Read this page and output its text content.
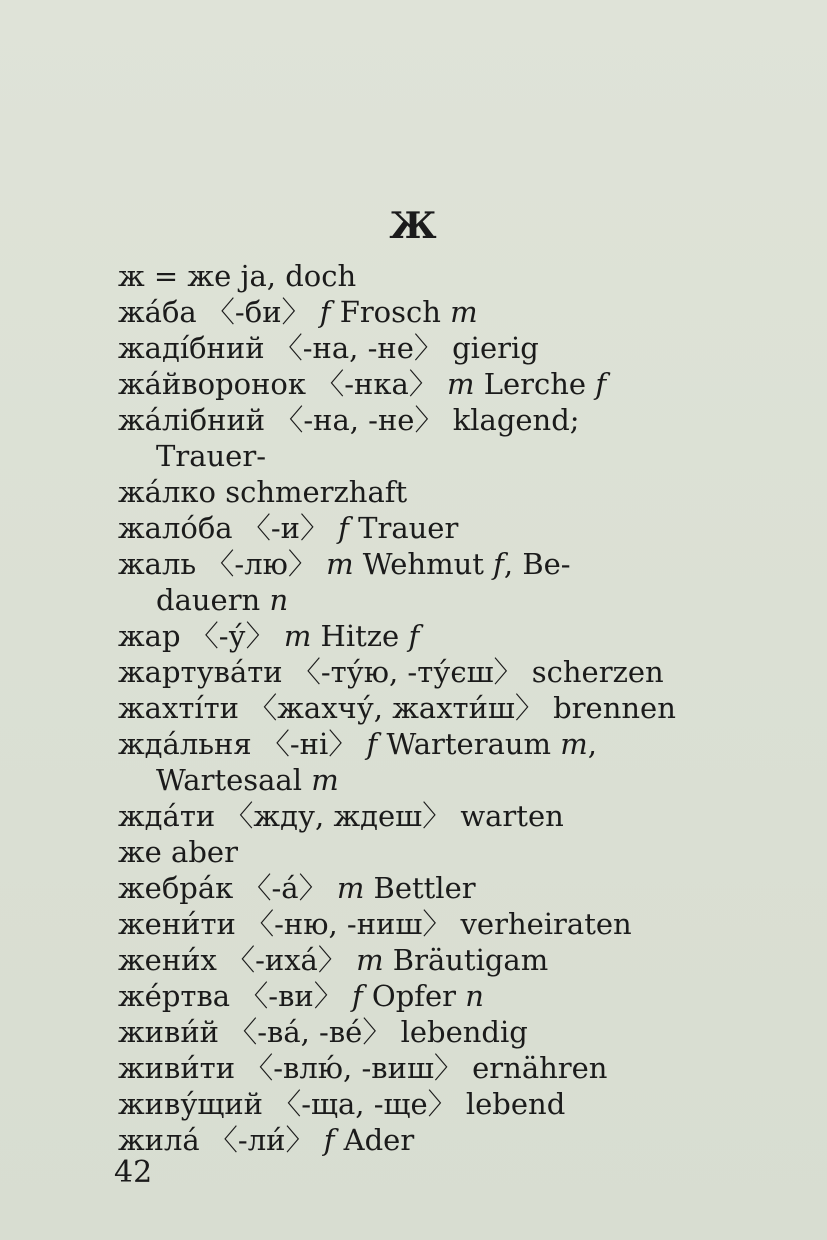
Ж
ж = же ja, doch
жа́ба 〈-би〉 f Frosch m
жадíбний 〈-на, -не〉 gierig
жа́йворонок 〈-нка〉 m Lerche f
жа́лібний 〈-на, -не〉 klagend;
Trauer-
жа́лко schmerzhaft
жало́ба 〈-и〉 f Trauer
жаль 〈-лю〉 m Wehmut f, Be-
dauern n
жар 〈-у́〉 m Hitze f
жартува́ти 〈-ту́ю, -ту́єш〉 scherzen
жахтíти 〈жахчу́, жахти́ш〉 brennen
жда́льня 〈-нi〉 f Warteraum m,
Wartesaal m
жда́ти 〈жду, ждеш〉 warten
же aber
жебра́к 〈-а́〉 m Bettler
жени́ти 〈-ню, -ниш〉 verheiraten
жени́х 〈-иха́〉 m Bräutigam
же́ртва 〈-ви〉 f Opfer n
живи́й 〈-ва́, -ве́〉 lebendig
живи́ти 〈-влю́, -виш〉 ernähren
живу́щий 〈-ща, -ще〉 lebend
жила́ 〈-ли́〉 f Ader
42
